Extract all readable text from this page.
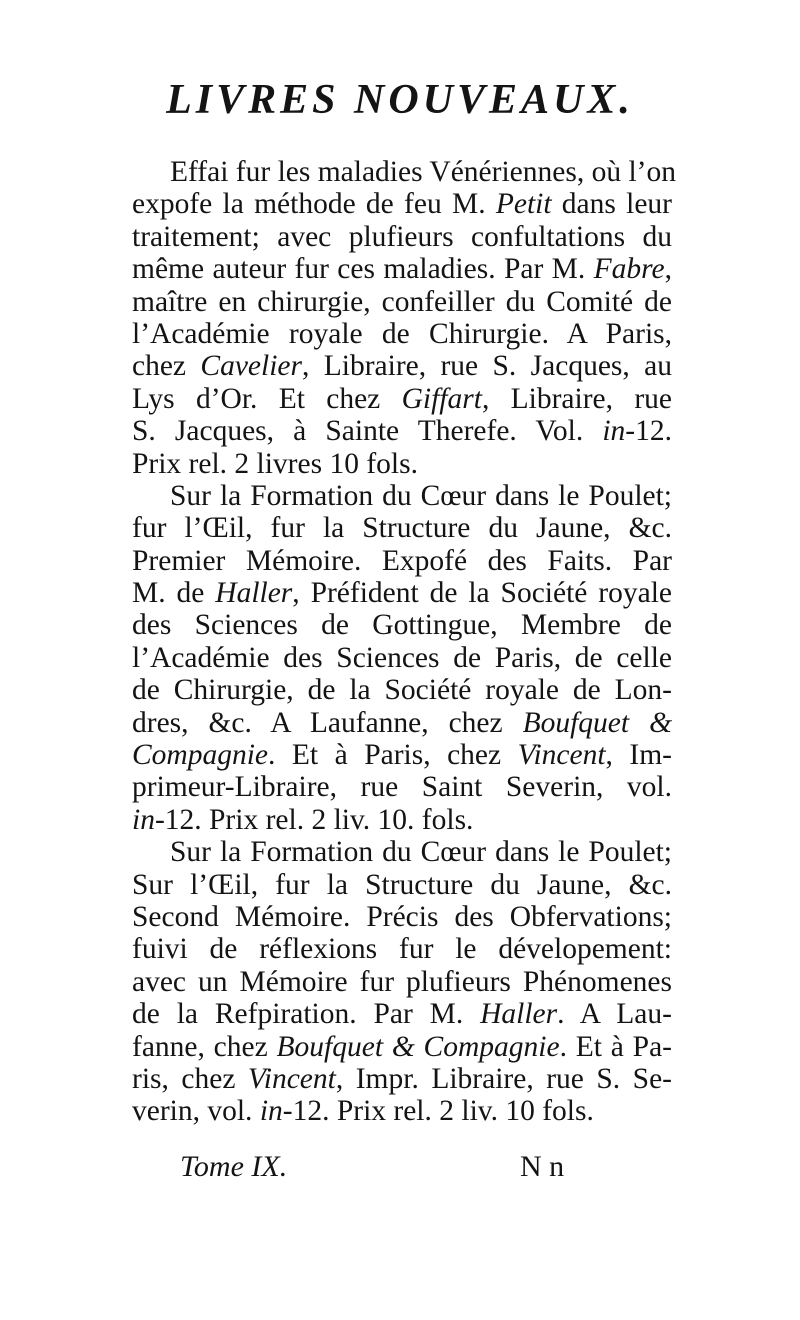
LIVRES NOUVEAUX.
Effai fur les maladies Vénériennes, où l’on
expofe la méthode de feu M. Petit dans leur
traitement; avec plufieurs confultations du
même auteur fur ces maladies. Par M. Fabre,
maître en chirurgie, confeiller du Comité de
l’Académie royale de Chirurgie. A Paris,
chez Cavelier, Libraire, rue S. Jacques, au
Lys d’Or. Et chez Giffart, Libraire, rue
S. Jacques, à Sainte Therefe. Vol. in-12.
Prix rel. 2 livres 10 fols.
Sur la Formation du Cœur dans le Poulet;
fur l’Œil, fur la Structure du Jaune, &c.
Premier Mémoire. Expofé des Faits. Par
M. de Haller, Préfident de la Société royale
des Sciences de Gottingue, Membre de
l’Académie des Sciences de Paris, de celle
de Chirurgie, de la Société royale de Lon-
dres, &c. A Laufanne, chez Boufquet &
Compagnie. Et à Paris, chez Vincent, Im-
primeur-Libraire, rue Saint Severin, vol.
in-12. Prix rel. 2 liv. 10. fols.
Sur la Formation du Cœur dans le Poulet;
Sur l’Œil, fur la Structure du Jaune, &c.
Second Mémoire. Précis des Obfervations;
fuivi de réflexions fur le dévelopement:
avec un Mémoire fur plufieurs Phénomenes
de la Refpiration. Par M. Haller. A Lau-
fanne, chez Boufquet & Compagnie. Et à Pa-
ris, chez Vincent, Impr. Libraire, rue S. Se-
verin, vol. in-12. Prix rel. 2 liv. 10 fols.
Tome IX.	N n
